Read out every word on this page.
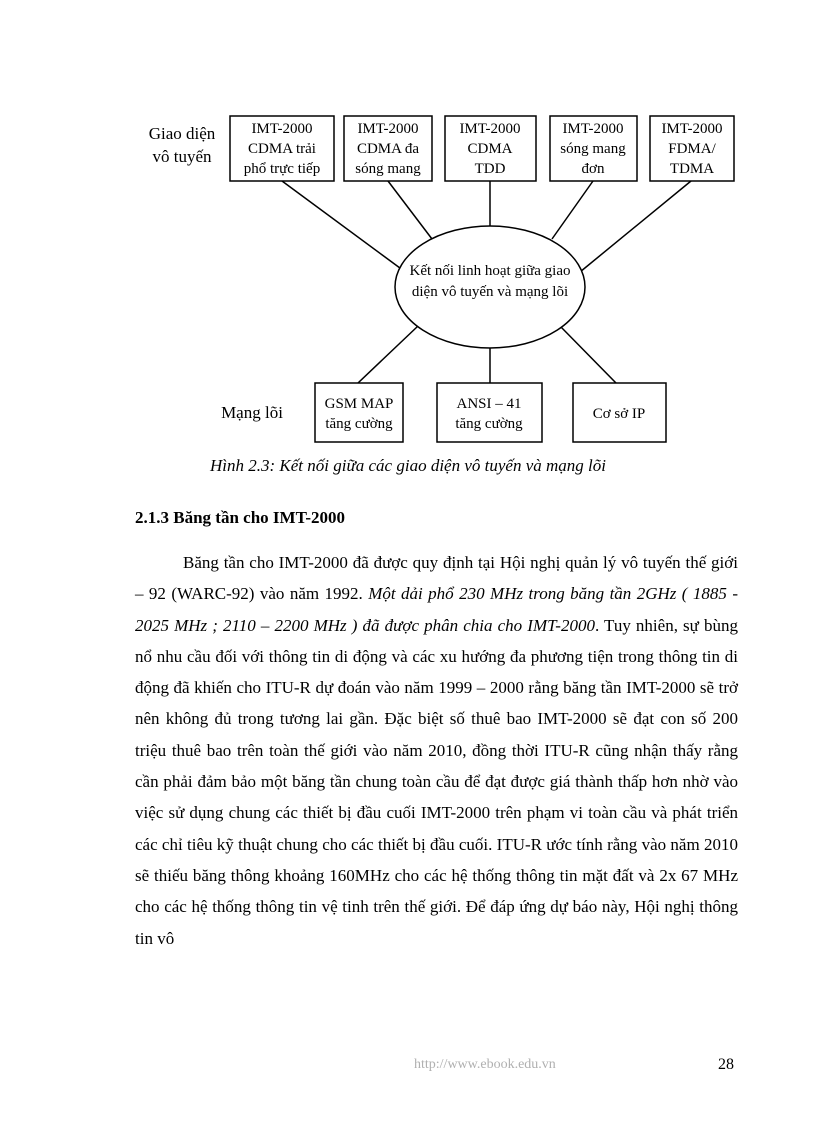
Giao diện
vô tuyến
Mạng lõi
IMT-2000
CDMA trải
phổ trực tiếp
IMT-2000
CDMA đa
sóng mang
IMT-2000
CDMA
TDD
IMT-2000
sóng mang
đơn
IMT-2000
FDMA/
TDMA
Kết nối linh hoạt giữa giao
diện vô tuyến và mạng lõi
GSM MAP
tăng cường
ANSI – 41
tăng cường
Cơ sở IP
Hình 2.3: Kết nối giữa các giao diện vô tuyến và mạng lõi
2.1.3 Băng tần cho IMT-2000

Băng tần cho IMT-2000 đã được quy định tại Hội nghị quản lý vô tuyến thế giới – 92 (WARC-92) vào năm 1992. Một dải phổ 230 MHz trong băng tần 2GHz ( 1885 - 2025 MHz ; 2110 – 2200 MHz ) đã được phân chia cho IMT-2000. Tuy nhiên, sự bùng nổ nhu cầu đối với thông tin di động và các xu hướng đa phương tiện trong thông tin di động đã khiến cho ITU-R dự đoán vào năm 1999 – 2000 rằng băng tần IMT-2000 sẽ trở nên không đủ trong tương lai gần. Đặc biệt số thuê bao IMT-2000 sẽ đạt con số 200 triệu thuê bao trên toàn thế giới vào năm 2010, đồng thời ITU-R cũng nhận thấy rằng cần phải đảm bảo một băng tần chung toàn cầu để đạt được giá thành thấp hơn nhờ vào việc sử dụng chung các thiết bị đầu cuối IMT-2000 trên phạm vi toàn cầu và phát triển các chỉ tiêu kỹ thuật chung cho các thiết bị đầu cuối. ITU-R ước tính rằng vào năm 2010 sẽ thiếu băng thông khoảng 160MHz cho các hệ thống thông tin mặt đất và 2x 67 MHz cho các hệ thống thông tin vệ tinh trên thế giới. Để đáp ứng dự báo này, Hội nghị thông tin vô

http://www.ebook.edu.vn	28
